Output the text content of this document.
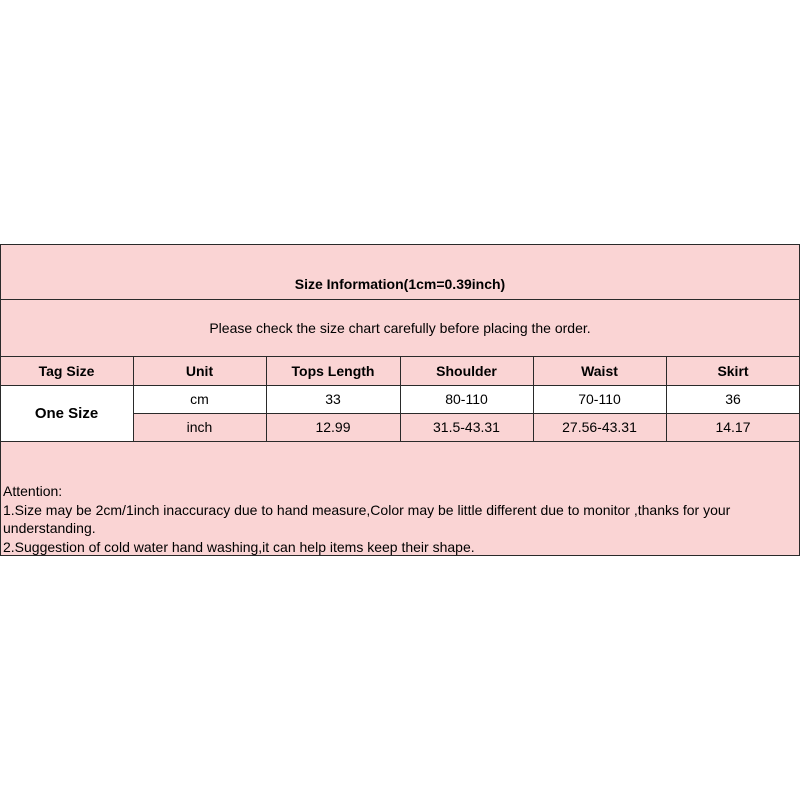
Size Information(1cm=0.39inch)
Please check the size chart carefully before placing the order.
Tag Size	Unit	Tops Length	Shoulder	Waist	Skirt
One Size
cm	33	80-110	70-110	36
inch	12.99	31.5-43.31	27.56-43.31	14.17
Attention:
1.Size may be 2cm/1inch inaccuracy due to hand measure,Color may be little different due to monitor ,thanks for your understanding.
2.Suggestion of cold water hand washing,it can help items keep their shape.
